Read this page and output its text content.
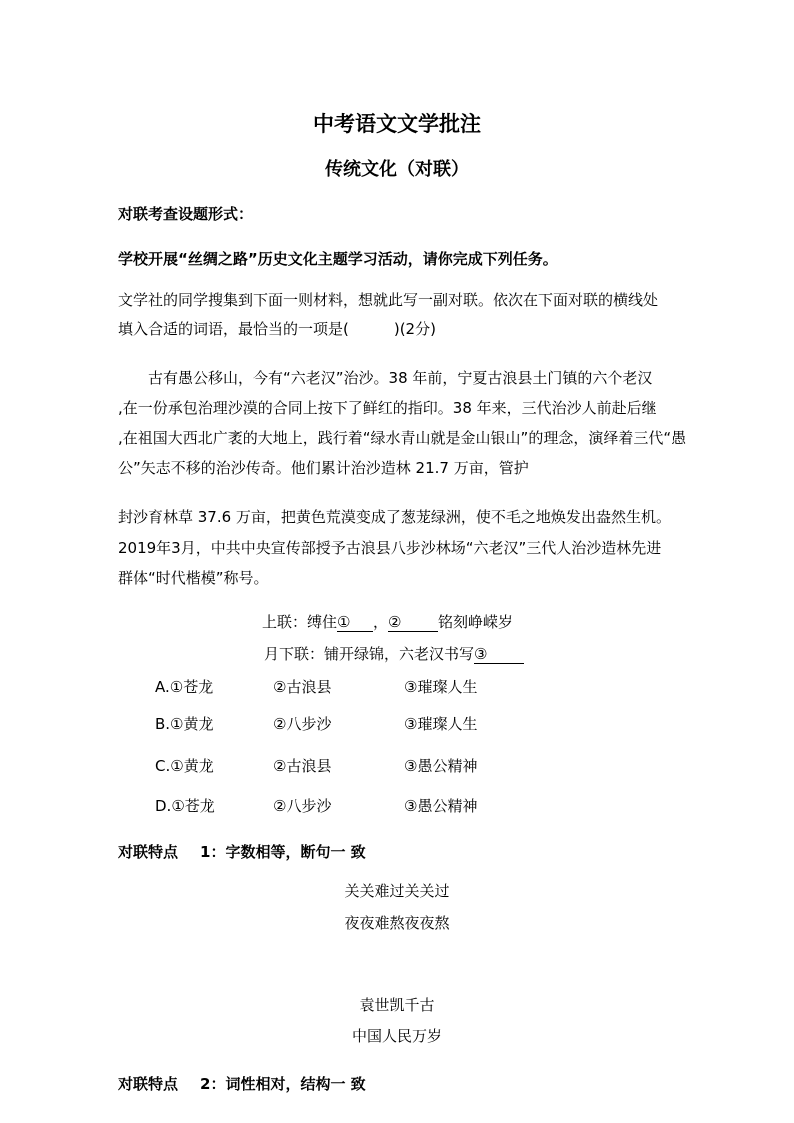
中考语文文学批注
传统文化（对联）
对联考查设题形式：
学校开展“丝绸之路”历史文化主题学习活动，请你完成下列任务。
文学社的同学搜集到下面一则材料，想就此写一副对联。依次在下面对联的横线处
填入合适的词语，最恰当的一项是(　　　)(2分)
古有愚公移山，今有“六老汉”治沙。38 年前，宁夏古浪县土门镇的六个老汉
,在一份承包治理沙漠的合同上按下了鲜红的指印。38 年来，三代治沙人前赴后继
,在祖国大西北广袤的大地上，践行着“绿水青山就是金山银山”的理念，演绎着三代“愚
公”矢志不移的治沙传奇。他们累计治沙造林 21.7 万亩，管护
封沙育林草 37.6 万亩，把黄色荒漠变成了葱茏绿洲，使不毛之地焕发出盎然生机。
2019年3月，中共中央宣传部授予古浪县八步沙林场“六老汉”三代人治沙造林先进
群体“时代楷模”称号。
上联：缚住① ，② 铭刻峥嵘岁
月下联：铺开绿锦，六老汉书写③
A.①苍龙	②古浪县	③璀璨人生
B.①黄龙	②八步沙	③璀璨人生
C.①黄龙	②古浪县	③愚公精神
D.①苍龙	②八步沙	③愚公精神
对联特点 1：字数相等，断句一 致
关关难过关关过
夜夜难熬夜夜熬
袁世凯千古
中国人民万岁
对联特点 2：词性相对，结构一 致
